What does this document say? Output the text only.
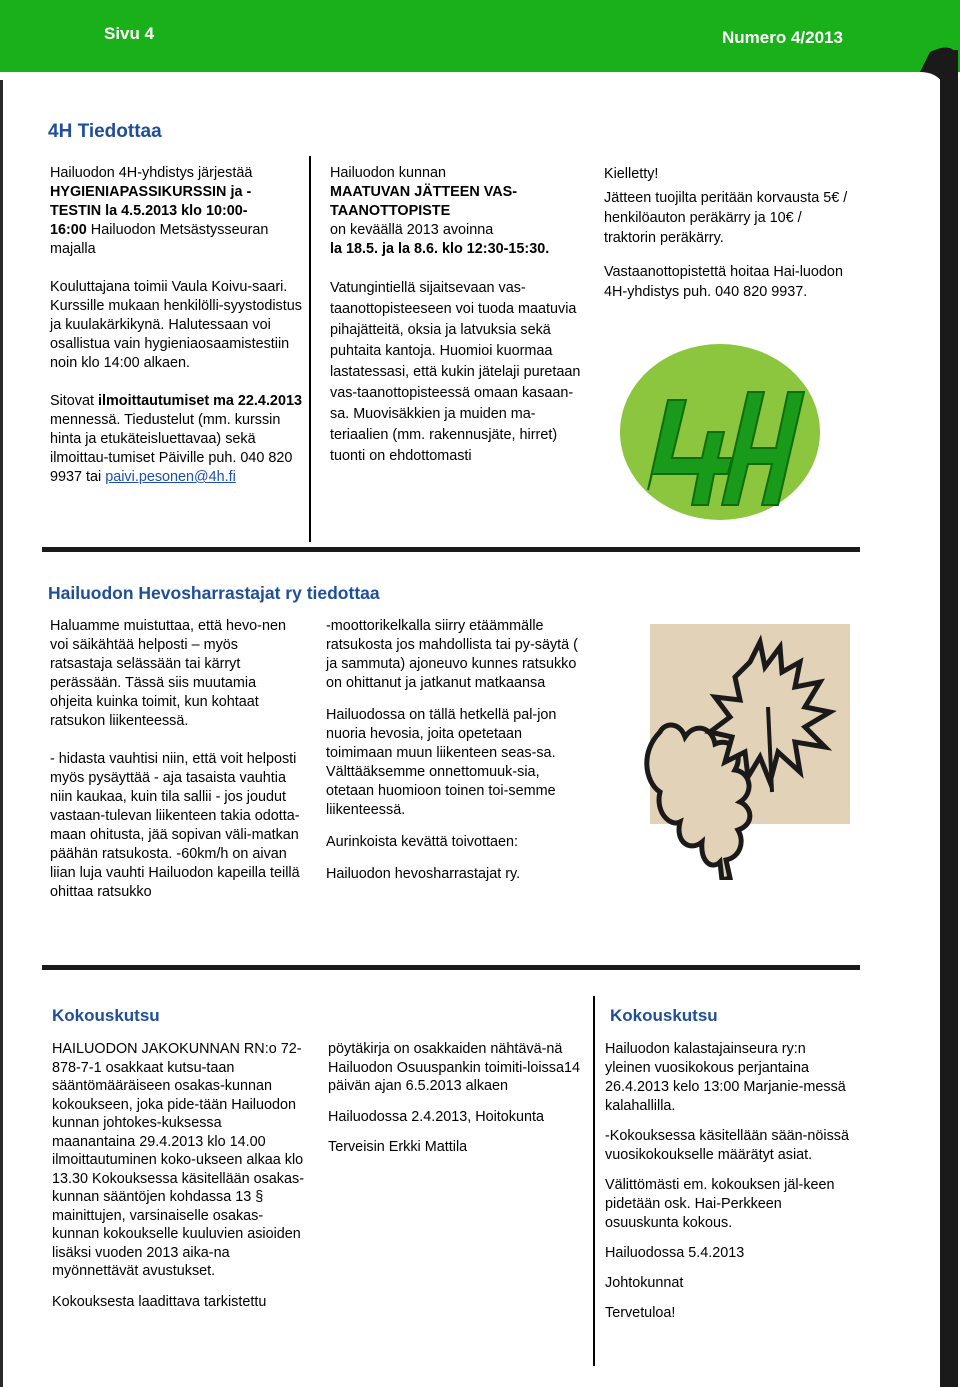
Sivu 4	Numero 4/2013
4H Tiedottaa

Hailuodon 4H-yhdistys järjestää
HYGIENIAPASSIKURSSIN ja -
TESTIN la 4.5.2013 klo 10:00-
16:00 Hailuodon Metsästysseuran
majalla

Kouluttajana toimii Vaula Koivu-saari. Kurssille mukaan henkilölli-syystodistus ja kuulakärkikynä. Halutessaan voi osallistua vain hygieniaosaamistestiin noin klo 14:00 alkaen.

Sitovat ilmoittautumiset ma 22.4.2013 mennessä. Tiedustelut (mm. kurssin hinta ja etukäteisluettavaa) sekä ilmoittau-tumiset Päiville puh. 040 820 9937 tai paivi.pesonen@4h.fi

Hailuodon kunnan
MAATUVAN JÄTTEEN VAS-TAANOTTOPISTE
on keväällä 2013 avoinna
la 18.5. ja la 8.6. klo 12:30-15:30.

Vatungintiellä sijaitsevaan vas-taanottopisteeseen voi tuoda maatuvia pihajätteitä, oksia ja latvuksia sekä puhtaita kantoja. Huomioi kuormaa lastatessasi, että kukin jätelaji puretaan vas-taanottopisteessä omaan kasaan-sa. Muovisäkkien ja muiden ma-teriaalien (mm. rakennusjäte, hirret) tuonti on ehdottomasti

Kielletty!

Jätteen tuojilta peritään korvausta 5€ / henkilöauton peräkärry ja 10€ / traktorin peräkärry.

Vastaanottopistettä hoitaa Hai-luodon 4H-yhdistys puh. 040 820 9937.

Hailuodon Hevosharrastajat ry tiedottaa

Haluamme muistuttaa, että hevo-nen voi säikähtää helposti – myös ratsastaja selässään tai kärryt perässään. Tässä siis muutamia ohjeita kuinka toimit, kun kohtaat ratsukon liikenteessä.

- hidasta vauhtisi niin, että voit helposti myös pysäyttää - aja tasaista vauhtia niin kaukaa, kuin tila sallii - jos joudut vastaan-tulevan liikenteen takia odotta-maan ohitusta, jää sopivan väli-matkan päähän ratsukosta. -60km/h on aivan liian luja vauhti Hailuodon kapeilla teillä ohittaa ratsukko

-moottorikelkalla siirry etäämmälle ratsukosta jos mahdollista tai py-säytä ( ja sammuta) ajoneuvo kunnes ratsukko on ohittanut ja jatkanut matkaansa

Hailuodossa on tällä hetkellä pal-jon nuoria hevosia, joita opetetaan toimimaan muun liikenteen seas-sa. Välttääksemme onnettomuuk-sia, otetaan huomioon toinen toi-semme liikenteessä.

Aurinkoista kevättä toivottaen:

Hailuodon hevosharrastajat ry.

Kokouskutsu

HAILUODON JAKOKUNNAN RN:o 72-878-7-1 osakkaat kutsu-taan sääntömääräiseen osakas-kunnan kokoukseen, joka pide-tään Hailuodon kunnan johtokes-kuksessa maanantaina 29.4.2013 klo 14.00 ilmoittautuminen koko-ukseen alkaa klo 13.30 Kokouksessa käsitellään osakas-kunnan sääntöjen kohdassa 13 § mainittujen, varsinaiselle osakas-kunnan kokoukselle kuuluvien asioiden lisäksi vuoden 2013 aika-na myönnettävät avustukset.

Kokouksesta laadittava tarkistettu

pöytäkirja on osakkaiden nähtävä-nä Hailuodon Osuuspankin toimiti-loissa14 päivän ajan 6.5.2013 alkaen

Hailuodossa 2.4.2013, Hoitokunta

Terveisin Erkki Mattila

Kokouskutsu

Hailuodon kalastajainseura ry:n yleinen vuosikokous perjantaina 26.4.2013 kelo 13:00 Marjanie-messä kalahallilla.

-Kokouksessa käsitellään sään-nöissä vuosikokoukselle määrätyt asiat.

Välittömästi em. kokouksen jäl-keen pidetään osk. Hai-Perkkeen osuuskunta kokous.

Hailuodossa 5.4.2013

Johtokunnat

Tervetuloa!
